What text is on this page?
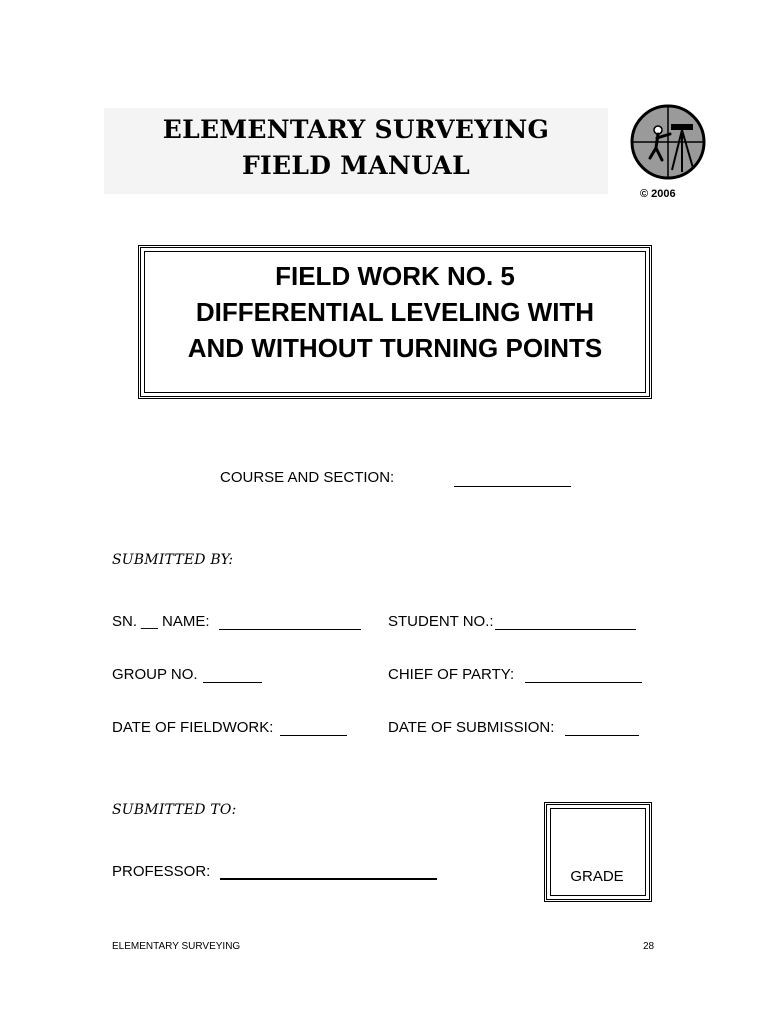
ELEMENTARY SURVEYING
FIELD MANUAL
© 2006
FIELD WORK NO. 5
DIFFERENTIAL LEVELING WITH
AND WITHOUT TURNING POINTS
COURSE AND SECTION:
SUBMITTED BY:
SN. __ NAME:	STUDENT NO.:
GROUP NO.	CHIEF OF PARTY:
DATE OF FIELDWORK:	DATE OF SUBMISSION:
SUBMITTED TO:
PROFESSOR:	GRADE
ELEMENTARY SURVEYING	28
